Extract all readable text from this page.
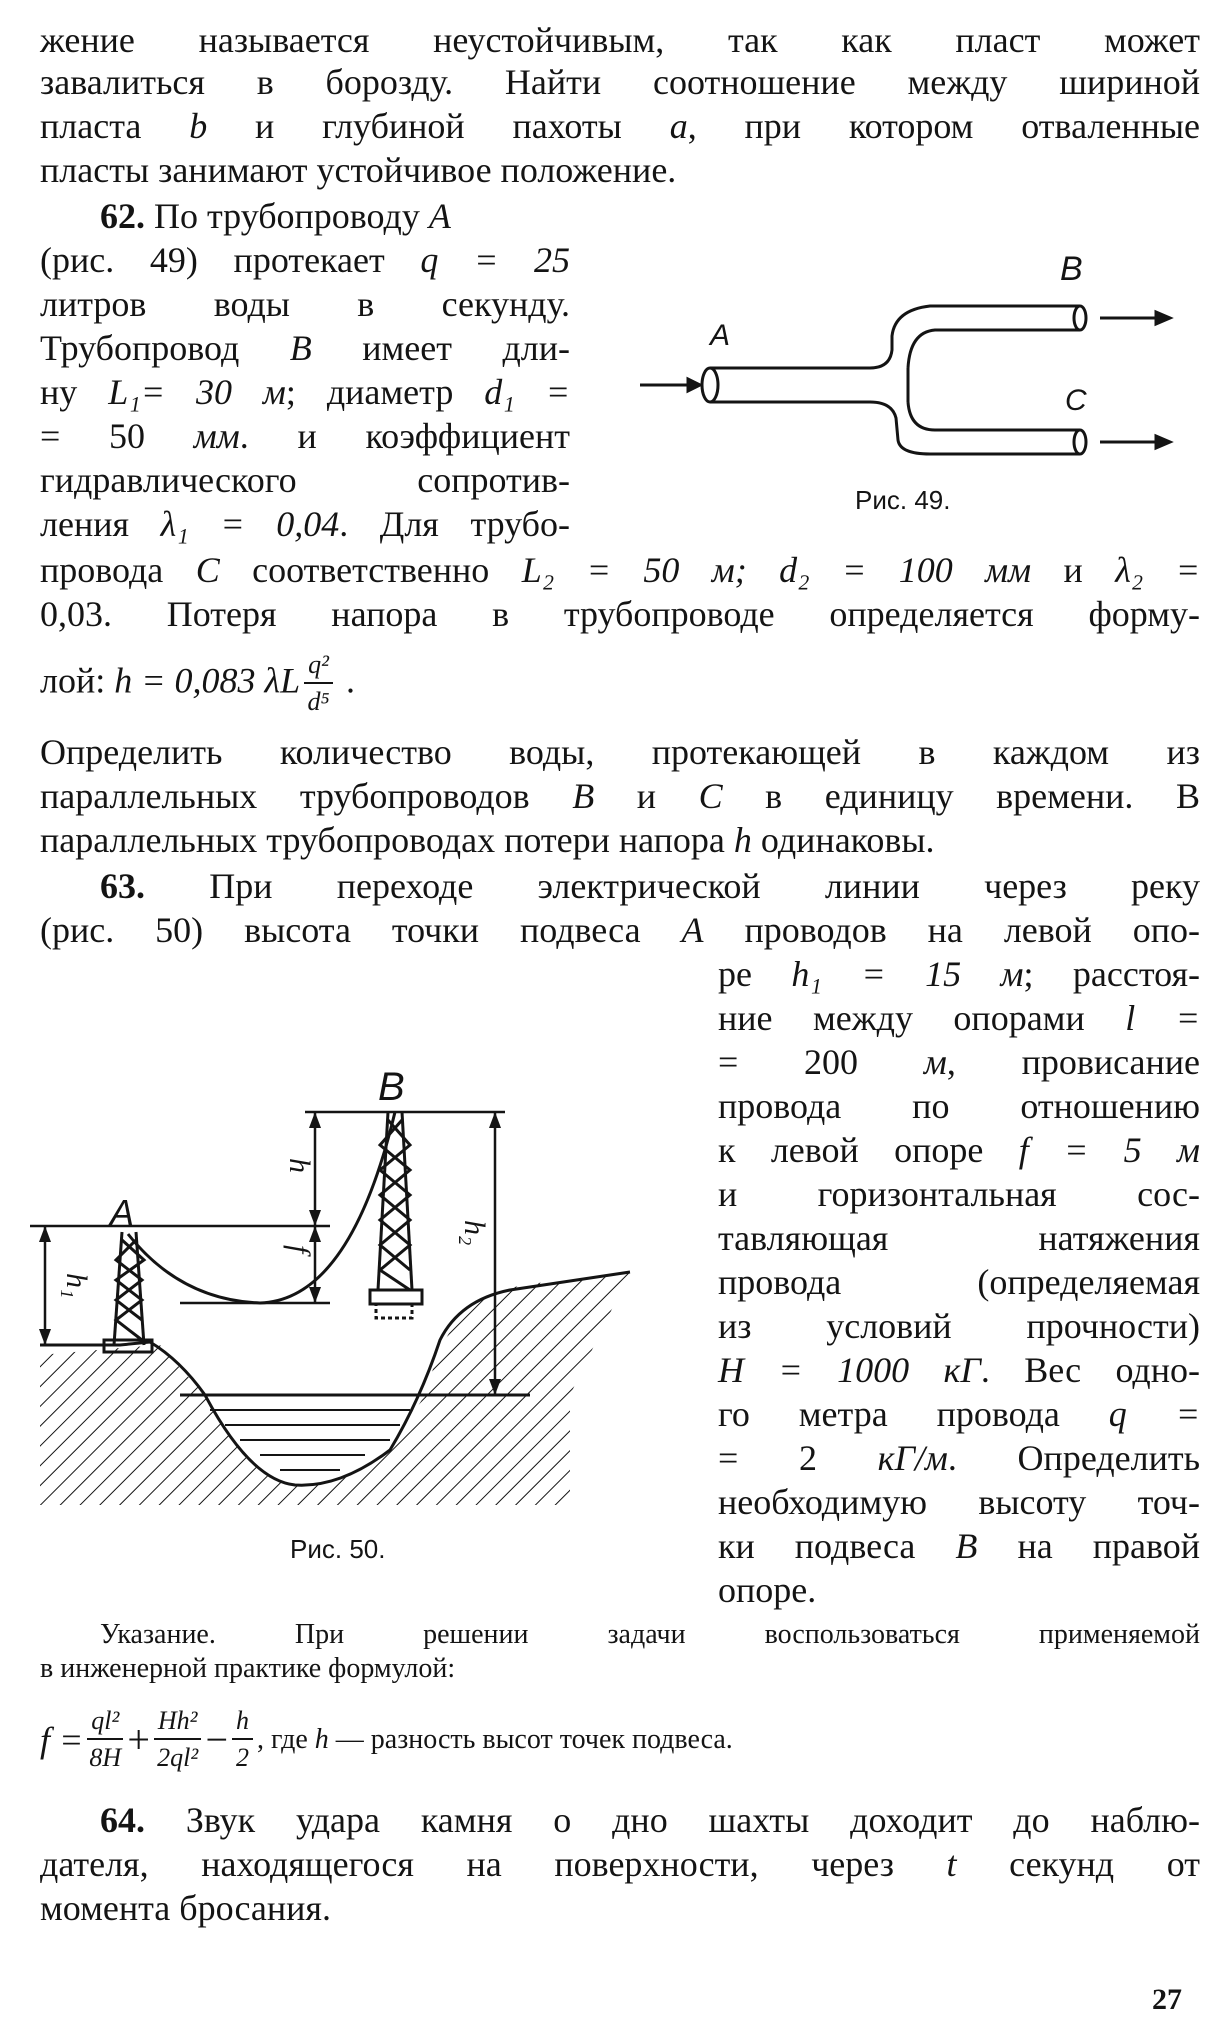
жение называется неустойчивым, так как пласт может
завалиться в борозду. Найти соотношение между шириной
пласта b и глубиной пахоты a, при котором отваленные
пласты занимают устойчивое положение.
62. По трубопроводу A
(рис. 49) протекает q = 25
литров воды в секунду.
Трубопровод B имеет дли-
ну L₁= 30 м; диаметр d₁ =
= 50 мм. и коэффициент
гидравлического сопротив-
ления λ₁ = 0,04. Для трубо-
A
B
C
Рис. 49.
провода C соответственно L₂ = 50 м; d₂ = 100 мм и λ₂ =
0,03. Потеря напора в трубопроводе определяется форму-
лой: h = 0,083 λL $\frac{\text{q²}}{\text{d⁵}}$ .
Определить количество воды, протекающей в каждом из
параллельных трубопроводов B и C в единицу времени. В
параллельных трубопроводах потери напора h одинаковы.
63. При переходе электрической линии через реку
(рис. 50) высота точки подвеса A проводов на левой опо-
ре h₁ = 15 м; расстоя-
ние между опорами l =
= 200 м, провисание
провода по отношению
к левой опоре f = 5 м
и горизонтальная сос-
тавляющая натяжения
провода (определяемая
из условий прочности)
H = 1000 кГ. Вес одно-
го метра провода q =
= 2 кГ/м. Определить
необходимую высоту точ-
ки подвеса B на правой
опоре.
A
B
h
f
h₂
h₁
Рис. 50.
Указание. При решении задачи воспользоваться применяемой
в инженерной практике формулой:
$f = \frac{\text{ql²}}{8H} + \frac{\text{Hh²}}{\text{2ql²}} - \frac{h}{2}$ , где h — разность высот точек подвеса.
64. Звук удара камня о дно шахты доходит до наблю-
дателя, находящегося на поверхности, через t секунд от
момента бросания.
27
